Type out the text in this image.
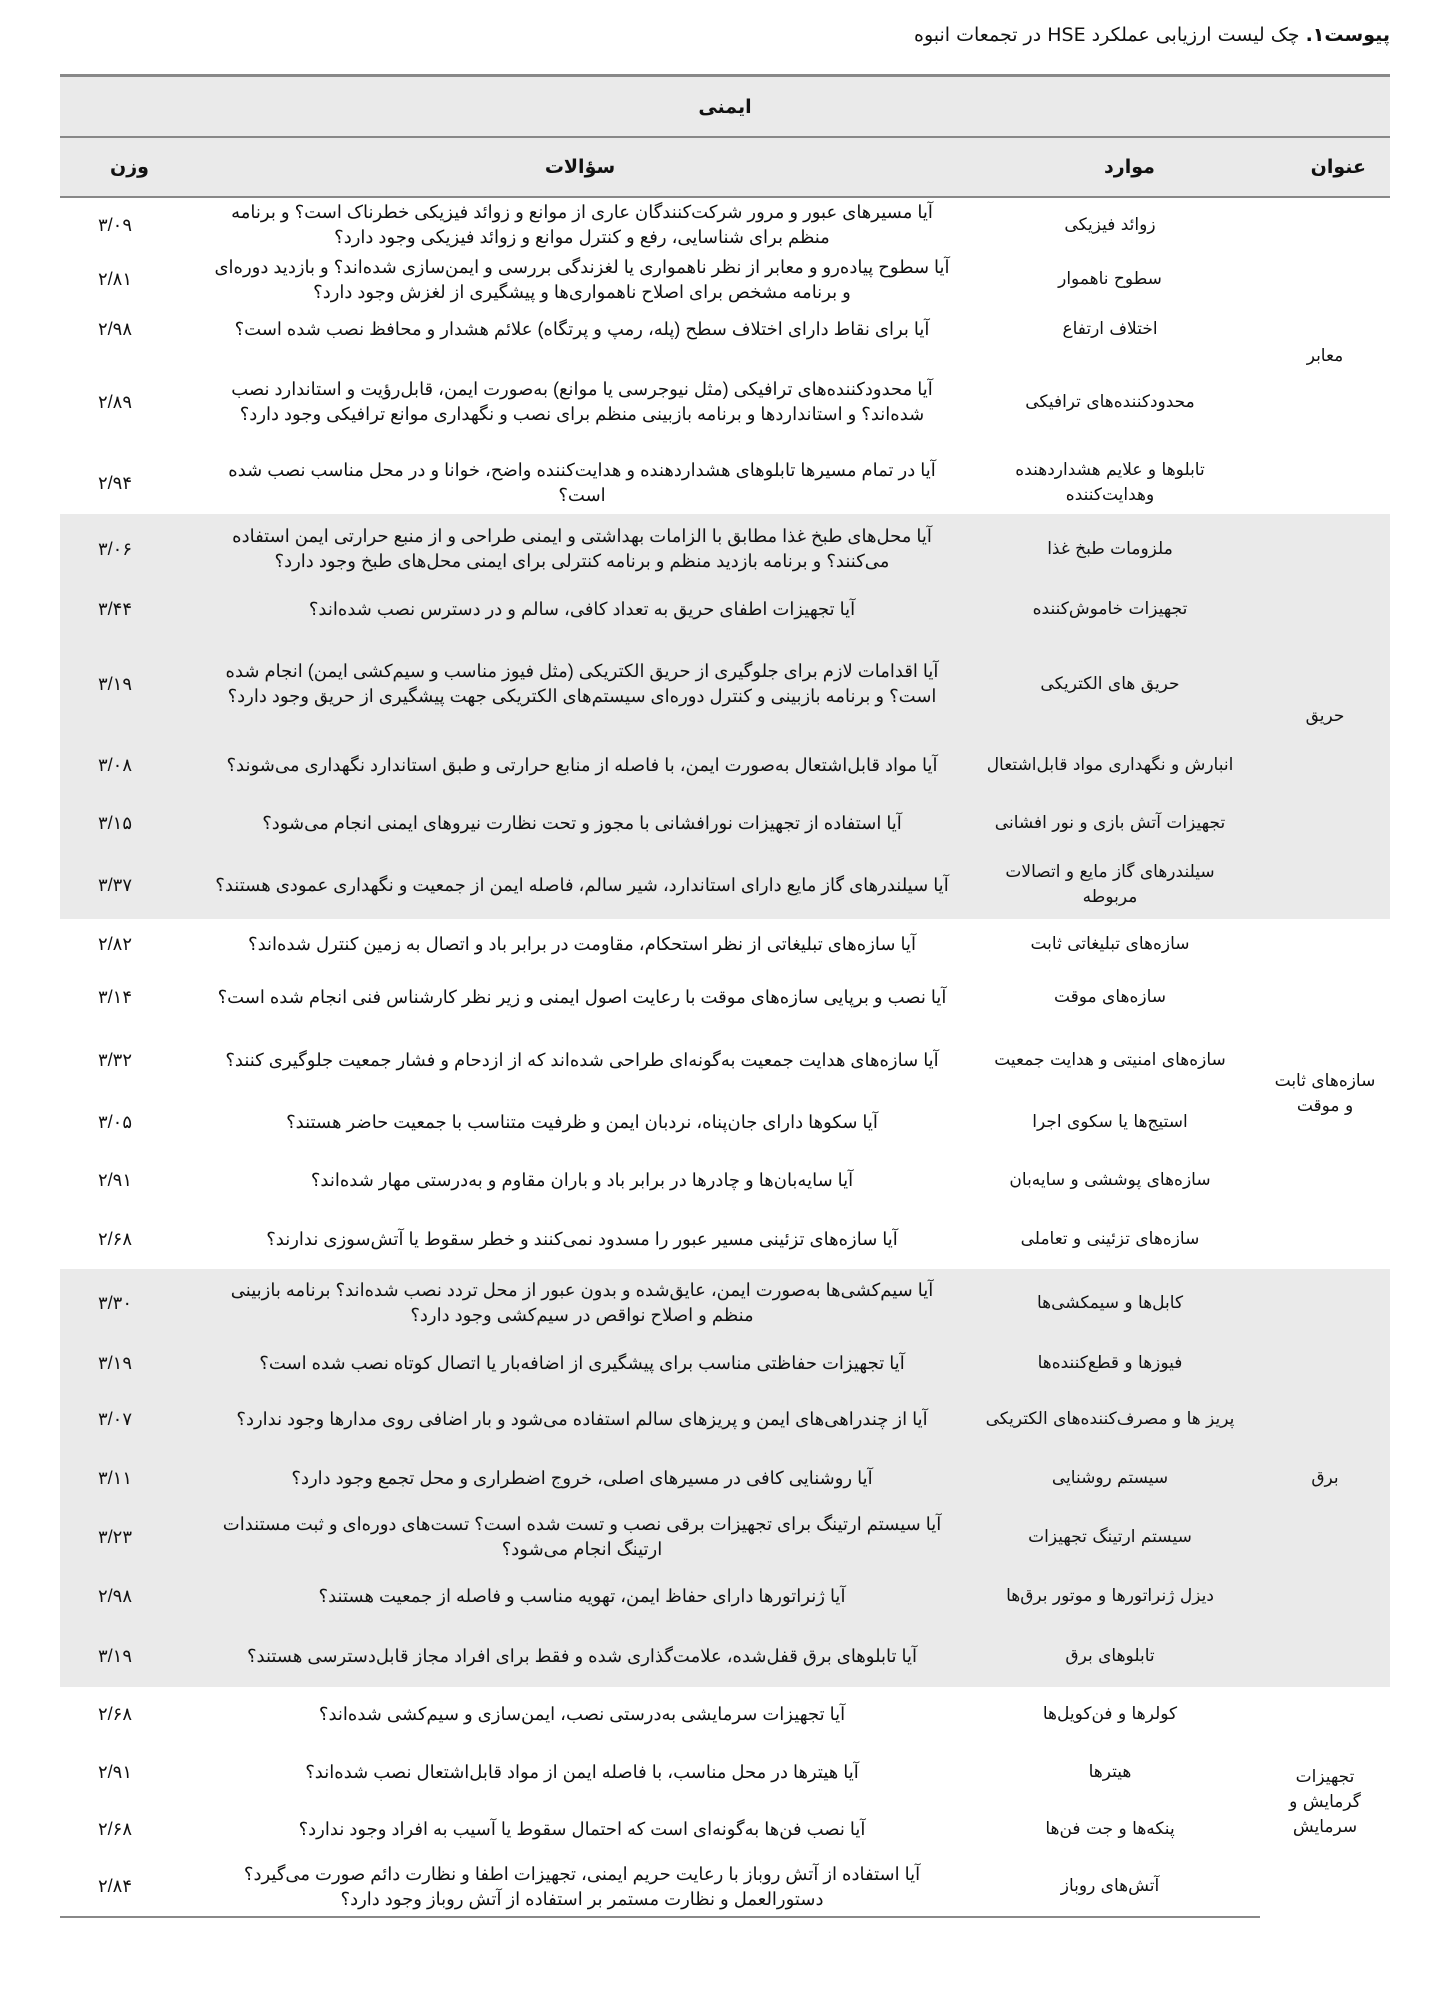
پیوست۱. چک لیست ارزیابی عملکرد HSE در تجمعات انبوه
ایمنی			
عنوان	موارد	سؤالات	وزن
معابر	زوائد فیزیکی	آیا مسیرهای عبور و مرور شرکت‌کنندگان عاری از موانع و زوائد فیزیکی خطرناک است؟ و برنامه منظم برای شناسایی، رفع و کنترل موانع و زوائد فیزیکی وجود دارد؟	۳/۰۹
	سطوح ناهموار	آیا سطوح پیاده‌رو و معابر از نظر ناهمواری یا لغزندگی بررسی و ایمن‌سازی شده‌اند؟ و بازدید دوره‌ای و برنامه مشخص برای اصلاح ناهمواری‌ها و پیشگیری از لغزش وجود دارد؟	۲/۸۱
	اختلاف ارتفاع	آیا برای نقاط دارای اختلاف سطح (پله، رمپ و پرتگاه) علائم هشدار و محافظ نصب شده است؟	۲/۹۸
	محدودکننده‌های ترافیکی	آیا محدودکننده‌های ترافیکی (مثل نیوجرسی یا موانع) به‌صورت ایمن، قابل‌رؤیت و استاندارد نصب شده‌اند؟ و استانداردها و برنامه بازبینی منظم برای نصب و نگهداری موانع ترافیکی وجود دارد؟	۲/۸۹
	تابلوها و علایم هشداردهنده وهدایت‌کننده	آیا در تمام مسیرها تابلوهای هشداردهنده و هدایت‌کننده واضح، خوانا و در محل مناسب نصب شده است؟	۲/۹۴
حریق	ملزومات طبخ غذا	آیا محل‌های طبخ غذا مطابق با الزامات بهداشتی و ایمنی طراحی و از منبع حرارتی ایمن استفاده می‌کنند؟ و برنامه بازدید منظم و برنامه کنترلی برای ایمنی محل‌های طبخ وجود دارد؟	۳/۰۶
	تجهیزات خاموش‌کننده	آیا تجهیزات اطفای حریق به تعداد کافی، سالم و در دسترس نصب شده‌اند؟	۳/۴۴
	حریق های الکتریکی	آیا اقدامات لازم برای جلوگیری از حریق الکتریکی (مثل فیوز مناسب و سیم‌کشی ایمن) انجام شده است؟ و برنامه بازبینی و کنترل دوره‌ای سیستم‌های الکتریکی جهت پیشگیری از حریق وجود دارد؟	۳/۱۹
	انبارش و نگهداری مواد قابل‌اشتعال	آیا مواد قابل‌اشتعال به‌صورت ایمن، با فاصله از منابع حرارتی و طبق استاندارد نگهداری می‌شوند؟	۳/۰۸
	تجهیزات آتش بازی و نور افشانی	آیا استفاده از تجهیزات نورافشانی با مجوز و تحت نظارت نیروهای ایمنی انجام می‌شود؟	۳/۱۵
	سیلندرهای گاز مایع و اتصالات مربوطه	آیا سیلندرهای گاز مایع دارای استاندارد، شیر سالم، فاصله ایمن از جمعیت و نگهداری عمودی هستند؟	۳/۳۷
سازه‌های ثابت و موقت	سازه‌های تبلیغاتی ثابت	آیا سازه‌های تبلیغاتی از نظر استحکام، مقاومت در برابر باد و اتصال به زمین کنترل شده‌اند؟	۲/۸۲
	سازه‌های موقت	آیا نصب و برپایی سازه‌های موقت با رعایت اصول ایمنی و زیر نظر کارشناس فنی انجام شده است؟	۳/۱۴
	سازه‌های امنیتی و هدایت جمعیت	آیا سازه‌های هدایت جمعیت به‌گونه‌ای طراحی شده‌اند که از ازدحام و فشار جمعیت جلوگیری کنند؟	۳/۳۲
	استیج‌ها یا سکوی اجرا	آیا سکوها دارای جان‌پناه، نردبان ایمن و ظرفیت متناسب با جمعیت حاضر هستند؟	۳/۰۵
	سازه‌های پوششی و سایه‌بان	آیا سایه‌بان‌ها و چادرها در برابر باد و باران مقاوم و به‌درستی مهار شده‌اند؟	۲/۹۱
	سازه‌های تزئینی و تعاملی	آیا سازه‌های تزئینی مسیر عبور را مسدود نمی‌کنند و خطر سقوط یا آتش‌سوزی ندارند؟	۲/۶۸
برق	کابل‌ها و سیمکشی‌ها	آیا سیم‌کشی‌ها به‌صورت ایمن، عایق‌شده و بدون عبور از محل تردد نصب شده‌اند؟ برنامه بازبینی منظم و اصلاح نواقص در سیم‌کشی وجود دارد؟	۳/۳۰
	فیوزها و قطع‌کننده‌ها	آیا تجهیزات حفاظتی مناسب برای پیشگیری از اضافه‌بار یا اتصال کوتاه نصب شده است؟	۳/۱۹
	پریز ها و مصرف‌کننده‌های الکتریکی	آیا از چندراهی‌های ایمن و پریزهای سالم استفاده می‌شود و بار اضافی روی مدارها وجود ندارد؟	۳/۰۷
	سیستم روشنایی	آیا روشنایی کافی در مسیرهای اصلی، خروج اضطراری و محل تجمع وجود دارد؟	۳/۱۱
	سیستم ارتینگ تجهیزات	آیا سیستم ارتینگ برای تجهیزات برقی نصب و تست شده است؟ تست‌های دوره‌ای و ثبت مستندات ارتینگ انجام می‌شود؟	۳/۲۳
	دیزل ژنراتورها و موتور برق‌ها	آیا ژنراتورها دارای حفاظ ایمن، تهویه مناسب و فاصله از جمعیت هستند؟	۲/۹۸
	تابلوهای برق	آیا تابلوهای برق قفل‌شده، علامت‌گذاری شده و فقط برای افراد مجاز قابل‌دسترسی هستند؟	۳/۱۹
تجهیزات گرمایش و سرمایش	کولرها و فن‌کویل‌ها	آیا تجهیزات سرمایشی به‌درستی نصب، ایمن‌سازی و سیم‌کشی شده‌اند؟	۲/۶۸
	هیترها	آیا هیترها در محل مناسب، با فاصله ایمن از مواد قابل‌اشتعال نصب شده‌اند؟	۲/۹۱
	پنکه‌ها و جت فن‌ها	آیا نصب فن‌ها به‌گونه‌ای است که احتمال سقوط یا آسیب به افراد وجود ندارد؟	۲/۶۸
	آتش‌های روباز	آیا استفاده از آتش روباز با رعایت حریم ایمنی، تجهیزات اطفا و نظارت دائم صورت می‌گیرد؟ دستورالعمل و نظارت مستمر بر استفاده از آتش روباز وجود دارد؟	۲/۸۴
